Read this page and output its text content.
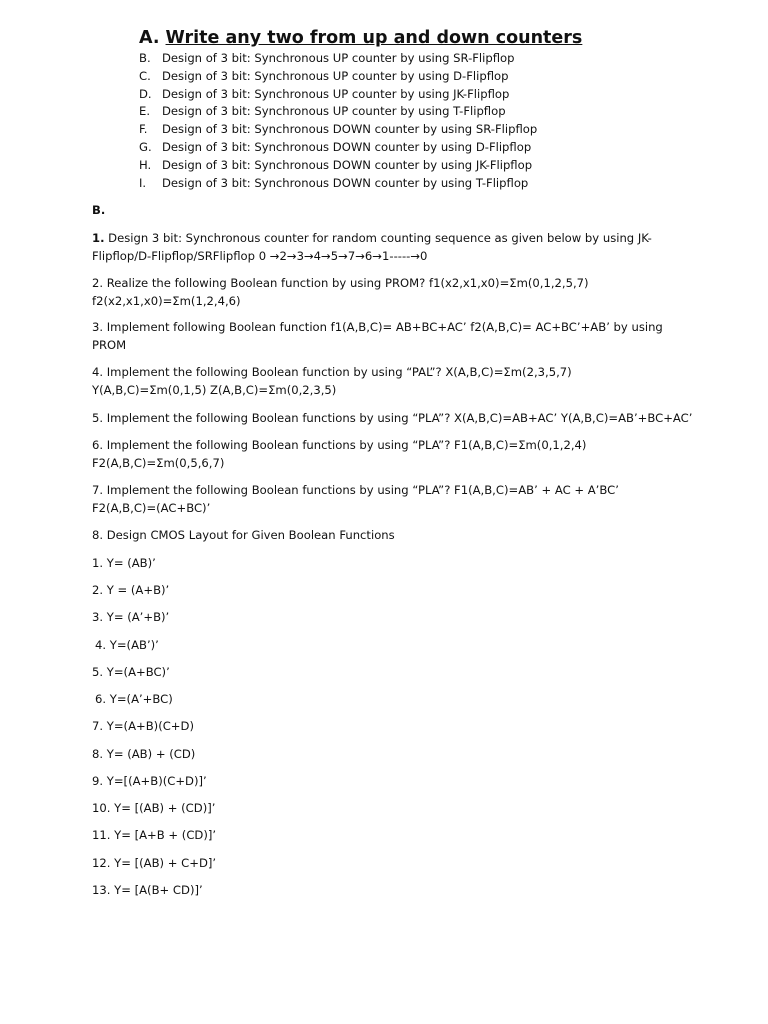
A. Write any two from up and down counters
B. Design of 3 bit: Synchronous UP counter by using SR-Flipflop
C. Design of 3 bit: Synchronous UP counter by using D-Flipflop
D. Design of 3 bit: Synchronous UP counter by using JK-Flipflop
E. Design of 3 bit: Synchronous UP counter by using T-Flipflop
F. Design of 3 bit: Synchronous DOWN counter by using SR-Flipflop
G. Design of 3 bit: Synchronous DOWN counter by using D-Flipflop
H. Design of 3 bit: Synchronous DOWN counter by using JK-Flipflop
I. Design of 3 bit: Synchronous DOWN counter by using T-Flipflop
B.
1. Design 3 bit: Synchronous counter for random counting sequence as given below by using JK-
Flipflop/D-Flipflop/SRFlipflop 0 →2→3→4→5→7→6→1-----→0
2. Realize the following Boolean function by using PROM? f1(x2,x1,x0)=Σm(0,1,2,5,7)
f2(x2,x1,x0)=Σm(1,2,4,6)
3. Implement following Boolean function f1(A,B,C)= AB+BC+AC’ f2(A,B,C)= AC+BC’+AB’ by using
PROM
4. Implement the following Boolean function by using “PAL”? X(A,B,C)=Σm(2,3,5,7)
Y(A,B,C)=Σm(0,1,5) Z(A,B,C)=Σm(0,2,3,5)
5. Implement the following Boolean functions by using “PLA”? X(A,B,C)=AB+AC’ Y(A,B,C)=AB’+BC+AC’
6. Implement the following Boolean functions by using “PLA”? F1(A,B,C)=Σm(0,1,2,4)
F2(A,B,C)=Σm(0,5,6,7)
7. Implement the following Boolean functions by using “PLA”? F1(A,B,C)=AB’ + AC + A’BC’
F2(A,B,C)=(AC+BC)’
8. Design CMOS Layout for Given Boolean Functions
1. Y= (AB)’
2. Y = (A+B)’
3. Y= (A’+B)’
4. Y=(AB’)’
5. Y=(A+BC)’
6. Y=(A’+BC)
7. Y=(A+B)(C+D)
8. Y= (AB) + (CD)
9. Y=[(A+B)(C+D)]’
10. Y= [(AB) + (CD)]’
11. Y= [A+B + (CD)]’
12. Y= [(AB) + C+D]’
13. Y= [A(B+ CD)]’
